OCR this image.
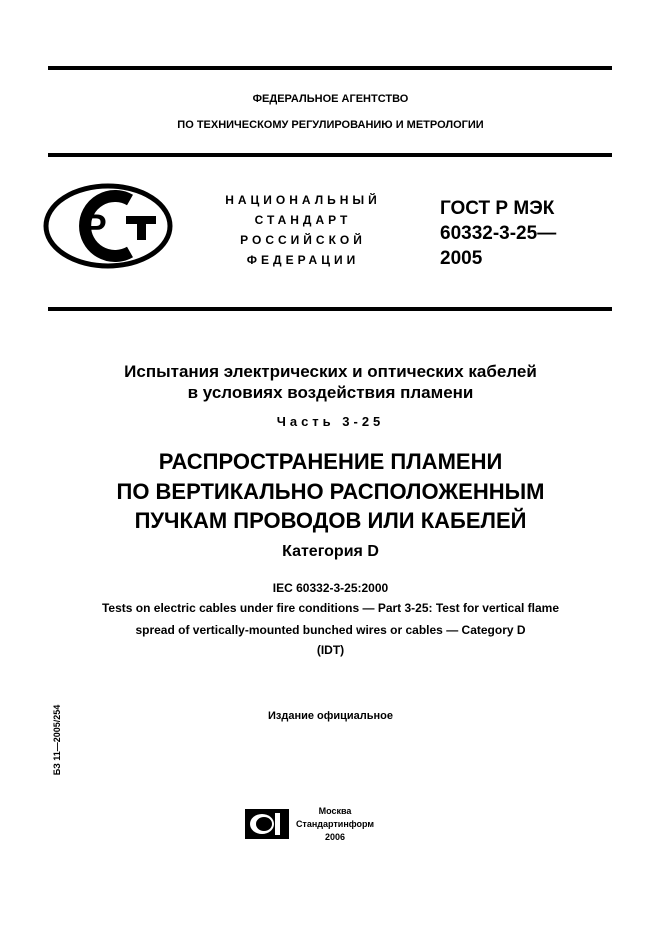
ФЕДЕРАЛЬНОЕ АГЕНТСТВО
ПО ТЕХНИЧЕСКОМУ РЕГУЛИРОВАНИЮ И МЕТРОЛОГИИ
Р
НАЦИОНАЛЬНЫЙ
СТАНДАРТ
РОССИЙСКОЙ
ФЕДЕРАЦИИ
ГОСТ Р МЭК
60332-3-25—
2005
Испытания электрических и оптических кабелей
в условиях воздействия пламени
Часть 3-25
РАСПРОСТРАНЕНИЕ ПЛАМЕНИ
ПО ВЕРТИКАЛЬНО РАСПОЛОЖЕННЫМ
ПУЧКАМ ПРОВОДОВ ИЛИ КАБЕЛЕЙ
Категория D
IEC 60332-3-25:2000
Tests on electric cables under fire conditions — Part 3-25: Test for vertical flame
spread of vertically-mounted bunched wires or cables — Category D
(IDT)
Издание официальное
БЗ 11—2005/254
Москва
Стандартинформ
2006
